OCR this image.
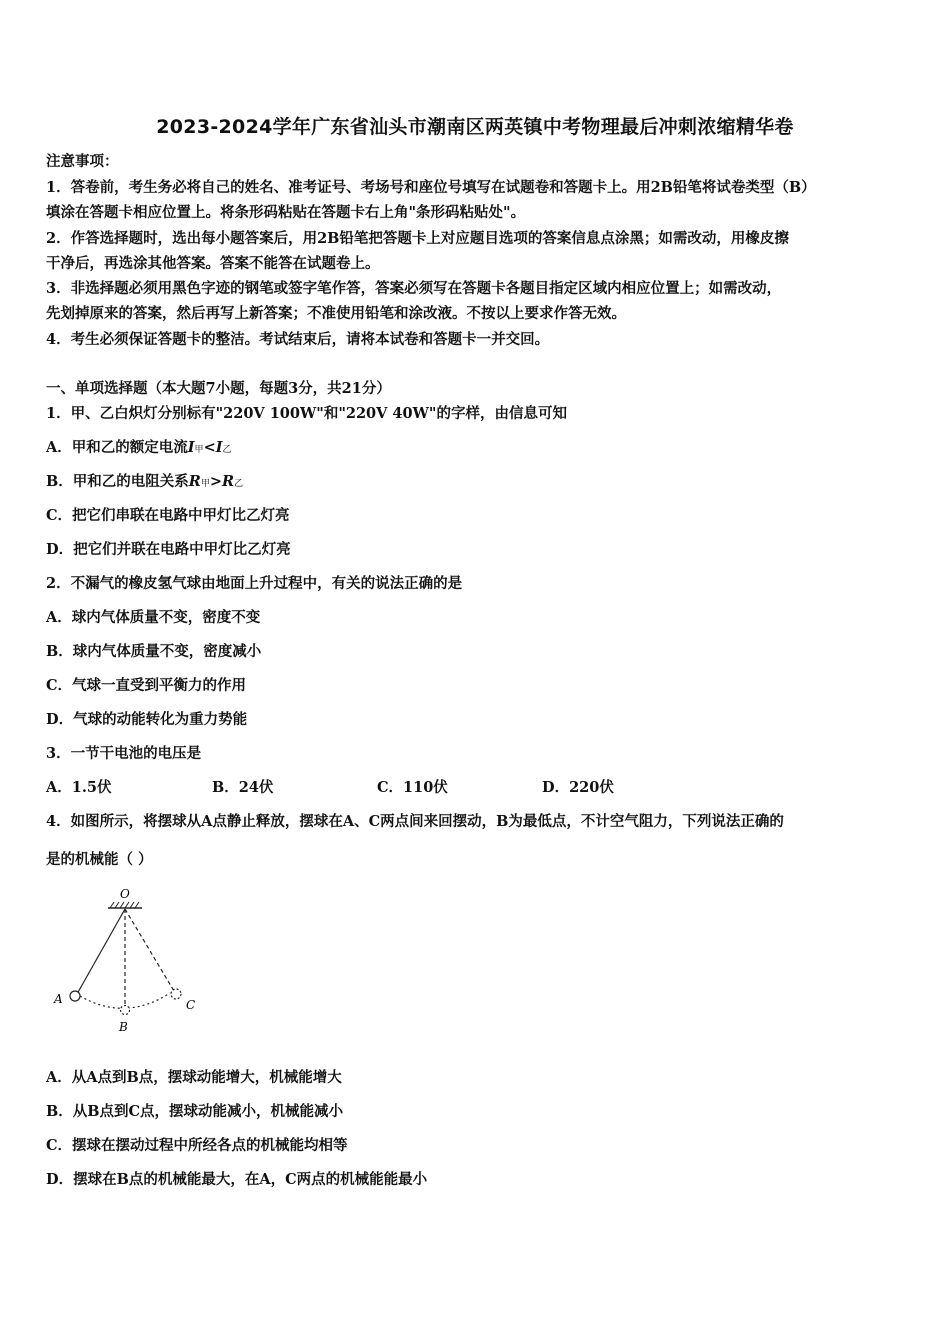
2023-2024学年广东省汕头市潮南区两英镇中考物理最后冲刺浓缩精华卷
注意事项：
1．答卷前，考生务必将自己的姓名、准考证号、考场号和座位号填写在试题卷和答题卡上。用2B铅笔将试卷类型（B）
填涂在答题卡相应位置上。将条形码粘贴在答题卡右上角"条形码粘贴处"。
2．作答选择题时，选出每小题答案后，用2B铅笔把答题卡上对应题目选项的答案信息点涂黑；如需改动，用橡皮擦
干净后，再选涂其他答案。答案不能答在试题卷上。
3．非选择题必须用黑色字迹的钢笔或签字笔作答，答案必须写在答题卡各题目指定区域内相应位置上；如需改动，
先划掉原来的答案，然后再写上新答案；不准使用铅笔和涂改液。不按以上要求作答无效。
4．考生必须保证答题卡的整洁。考试结束后，请将本试卷和答题卡一并交回。
一、单项选择题（本大题7小题，每题3分，共21分）
1．甲、乙白炽灯分别标有"220V 100W"和"220V 40W"的字样，由信息可知
A．甲和乙的额定电流I甲<I乙
B．甲和乙的电阻关系R甲>R乙
C．把它们串联在电路中甲灯比乙灯亮
D．把它们并联在电路中甲灯比乙灯亮
2．不漏气的橡皮氢气球由地面上升过程中，有关的说法正确的是
A．球内气体质量不变，密度不变
B．球内气体质量不变，密度减小
C．气球一直受到平衡力的作用
D．气球的动能转化为重力势能
3．一节干电池的电压是
A．1.5伏	B．24伏	C．110伏	D．220伏
4．如图所示，将摆球从A点静止释放，摆球在A、C两点间来回摆动，B为最低点，不计空气阻力，下列说法正确的
是的机械能（ ）
O
A
B
C
A．从A点到B点，摆球动能增大，机械能增大
B．从B点到C点，摆球动能减小，机械能减小
C．摆球在摆动过程中所经各点的机械能均相等
D．摆球在B点的机械能最大，在A，C两点的机械能能最小
